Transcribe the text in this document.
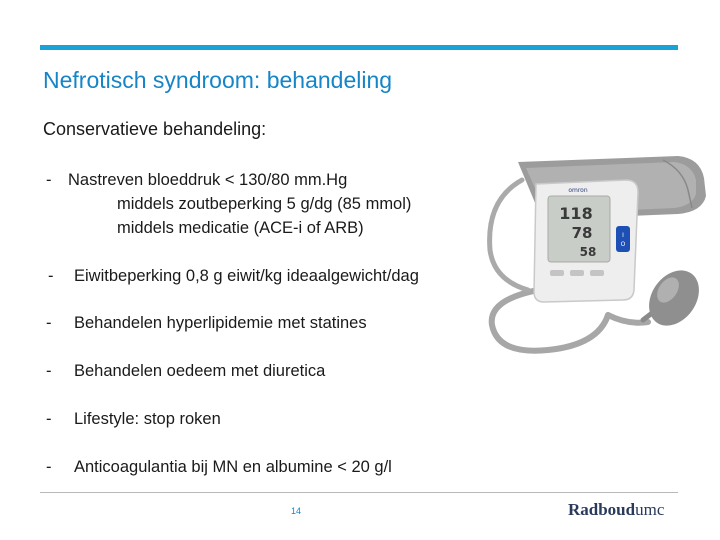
Nefrotisch syndroom: behandeling
Conservatieve behandeling:
- Nastreven bloeddruk < 130/80 mm.Hg
middels zoutbeperking 5 g/dg (85 mmol)
middels medicatie (ACE-i of ARB)
- Eiwitbeperking 0,8 g eiwit/kg ideaalgewicht/dag
- Behandelen hyperlipidemie met statines
- Behandelen oedeem met diuretica
- Lifestyle: stop roken
- Anticoagulantia bij MN en albumine < 20 g/l
118
78
58
omron
I
O
14	Radboudumc
